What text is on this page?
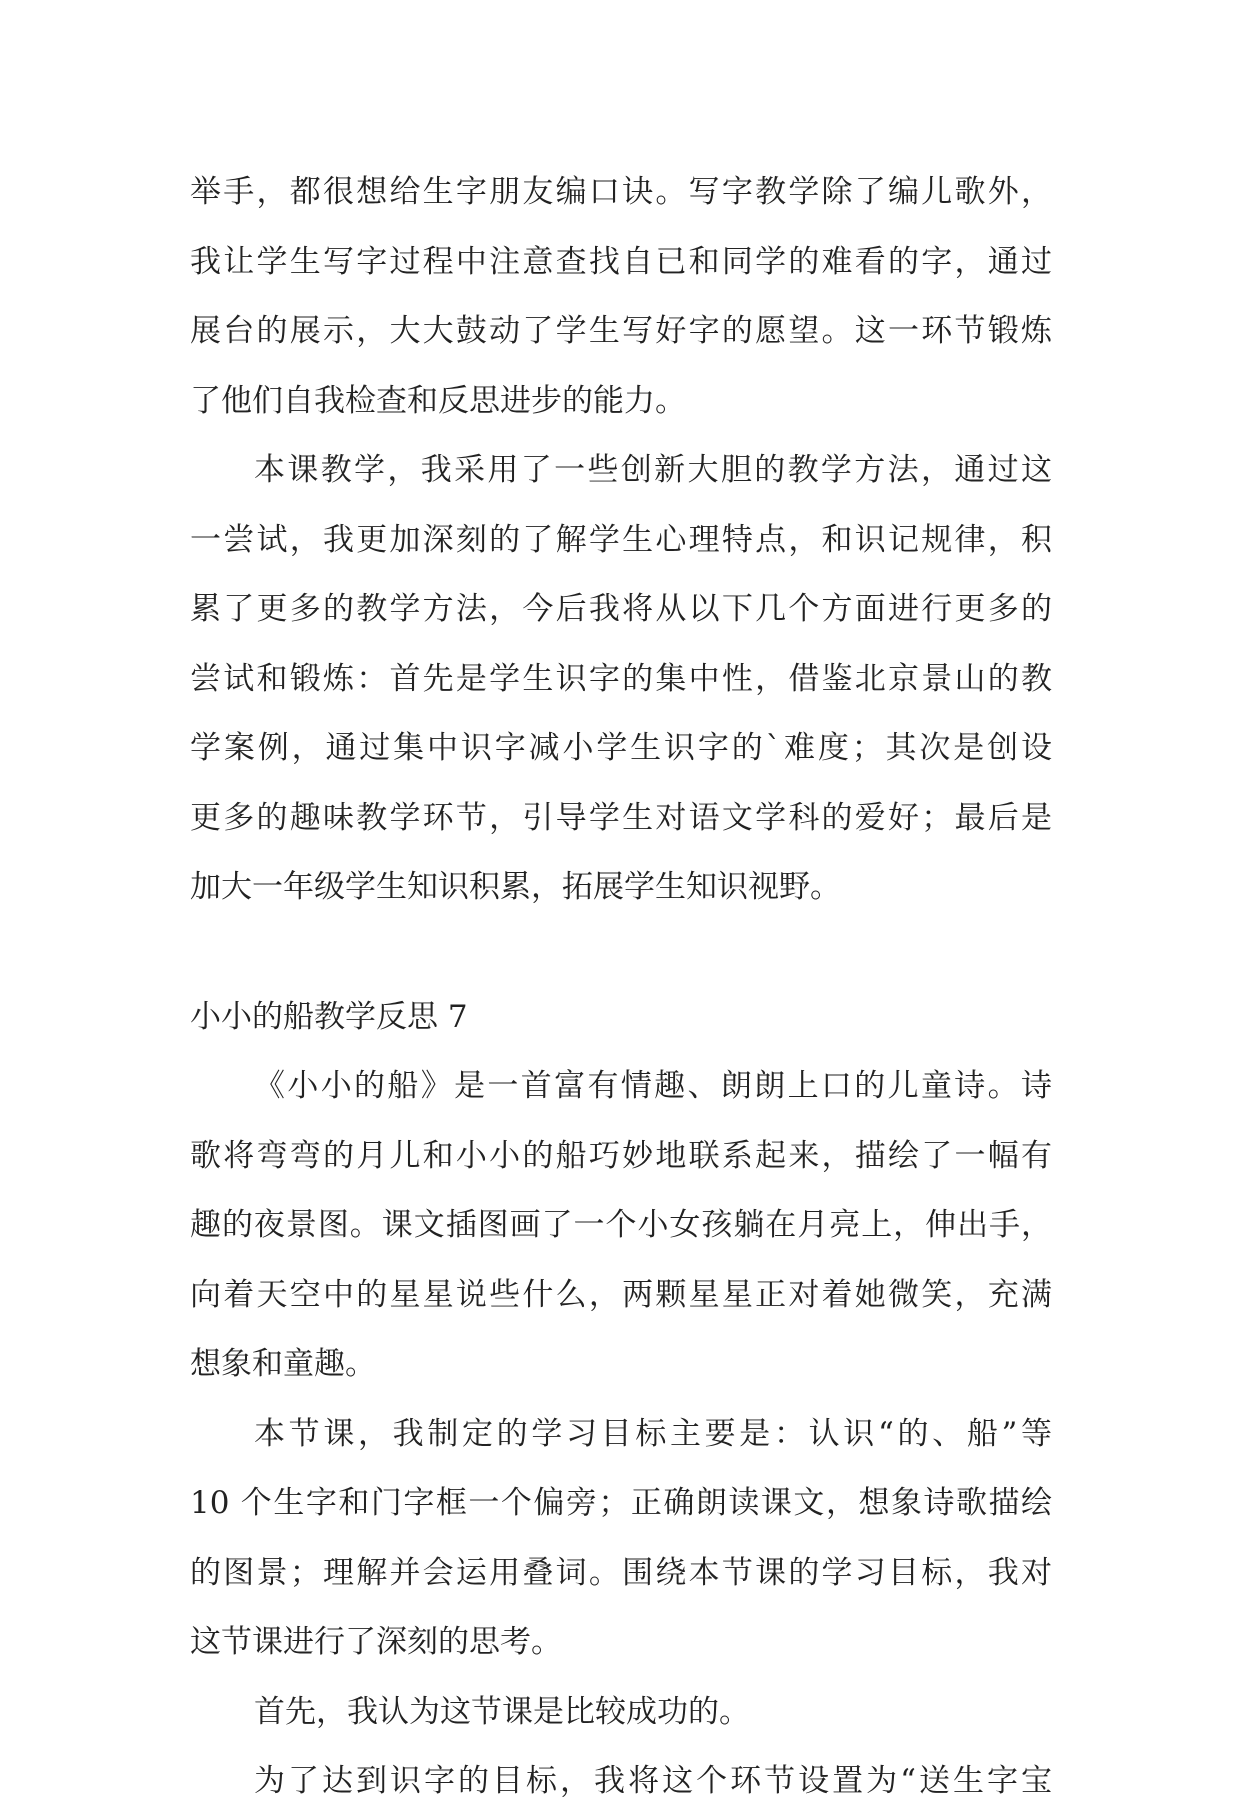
举手，都很想给生字朋友编口诀。写字教学除了编儿歌外，
我让学生写字过程中注意查找自已和同学的难看的字，通过
展台的展示，大大鼓动了学生写好字的愿望。这一环节锻炼
了他们自我检查和反思进步的能力。
本课教学，我采用了一些创新大胆的教学方法，通过这
一尝试，我更加深刻的了解学生心理特点，和识记规律，积
累了更多的教学方法，今后我将从以下几个方面进行更多的
尝试和锻炼：首先是学生识字的集中性，借鉴北京景山的教
学案例，通过集中识字减小学生识字的`难度；其次是创设
更多的趣味教学环节，引导学生对语文学科的爱好；最后是
加大一年级学生知识积累，拓展学生知识视野。
小小的船教学反思 7
《小小的船》是一首富有情趣、朗朗上口的儿童诗。诗
歌将弯弯的月儿和小小的船巧妙地联系起来，描绘了一幅有
趣的夜景图。课文插图画了一个小女孩躺在月亮上，伸出手，
向着天空中的星星说些什么，两颗星星正对着她微笑，充满
想象和童趣。
本节课，我制定的学习目标主要是：认识“的、船”等
10 个生字和门字框一个偏旁；正确朗读课文，想象诗歌描绘
的图景；理解并会运用叠词。围绕本节课的学习目标，我对
这节课进行了深刻的思考。
首先，我认为这节课是比较成功的。
为了达到识字的目标，我将这个环节设置为“送生字宝
